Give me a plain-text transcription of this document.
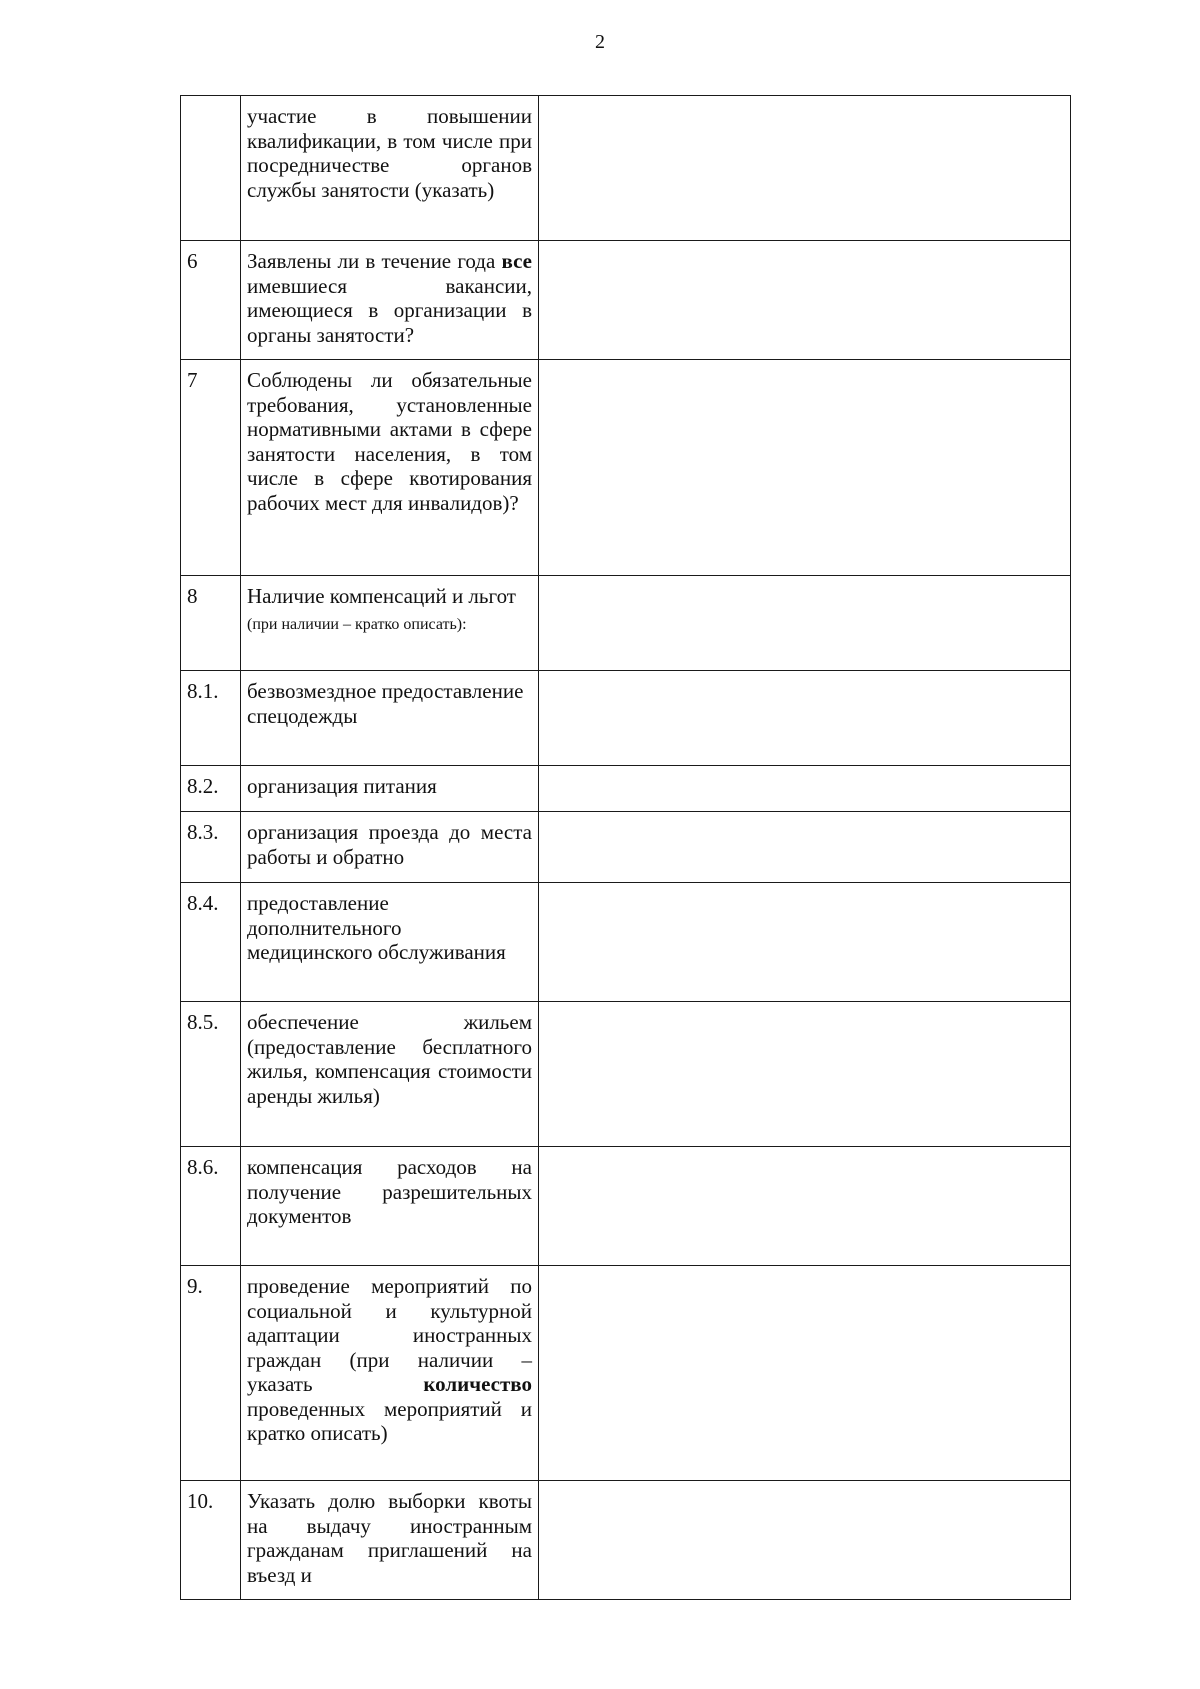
2
	участие в повышении квалификации, в том числе при посредничестве органов службы занятости (указать)	
6	Заявлены ли в течение года все имевшиеся вакансии, имеющиеся в организации в органы занятости?	
7	Соблюдены ли обязательные требования, установленные нормативными актами в сфере занятости населения, в том числе в сфере квотирования рабочих мест для инвалидов)?	
8	Наличие компенсаций и льгот (при наличии – кратко описать):	
8.1.	безвозмездное предоставление спецодежды	
8.2.	организация питания	
8.3.	организация проезда до места работы и обратно	
8.4.	предоставление дополнительного медицинского обслуживания	
8.5.	обеспечение жильем (предоставление бесплатного жилья, компенсация стоимости аренды жилья)	
8.6.	компенсация расходов на получение разрешительных документов	
9.	проведение мероприятий по социальной и культурной адаптации иностранных граждан (при наличии – указать количество проведенных мероприятий и кратко описать)	
10.	Указать долю выборки квоты на выдачу иностранным гражданам приглашений на въезд и	
